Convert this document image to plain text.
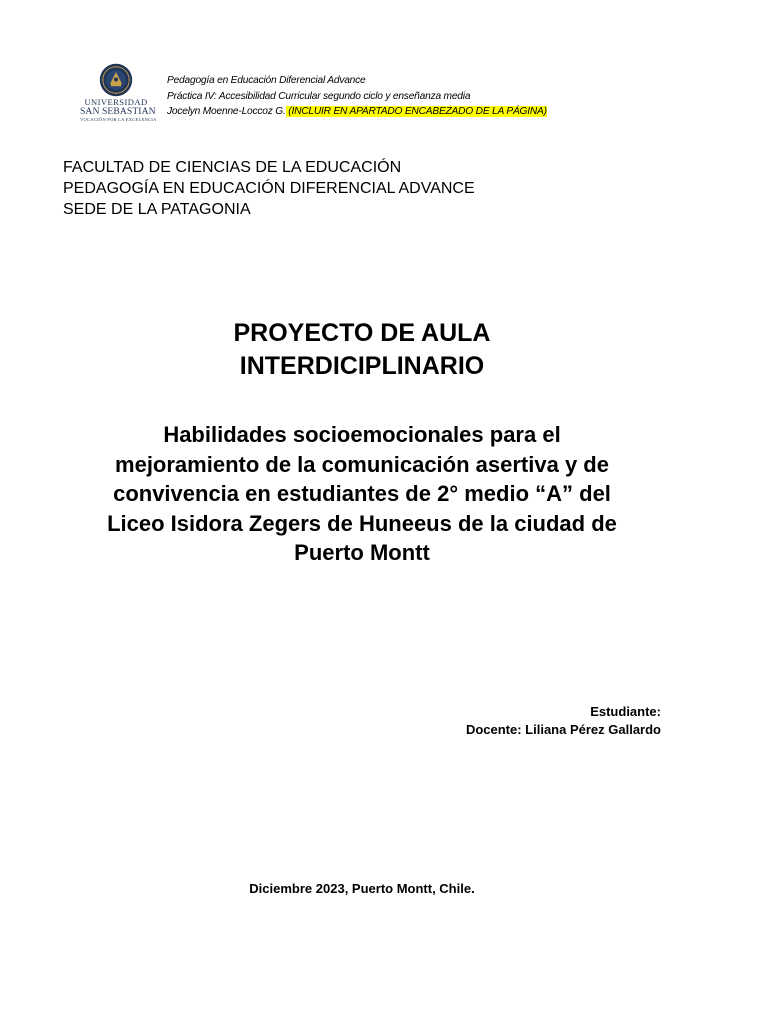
UNIVERSIDAD
SAN SEBASTIAN
VOCACIÓN POR LA EXCELENCIA
Pedagogía en Educación Diferencial Advance
Práctica IV: Accesibilidad Curricular segundo ciclo y enseñanza media
Jocelyn Moenne-Loccoz G. (INCLUIR EN APARTADO ENCABEZADO DE LA PÁGINA)
FACULTAD DE CIENCIAS DE LA EDUCACIÓN
PEDAGOGÍA EN EDUCACIÓN DIFERENCIAL ADVANCE
SEDE DE LA PATAGONIA
PROYECTO DE AULA
INTERDICIPLINARIO
Habilidades socioemocionales para el
mejoramiento de la comunicación asertiva y de
convivencia en estudiantes de 2° medio “A” del
Liceo Isidora Zegers de Huneeus de la ciudad de
Puerto Montt
Estudiante:
Docente: Liliana Pérez Gallardo
Diciembre 2023, Puerto Montt, Chile.
